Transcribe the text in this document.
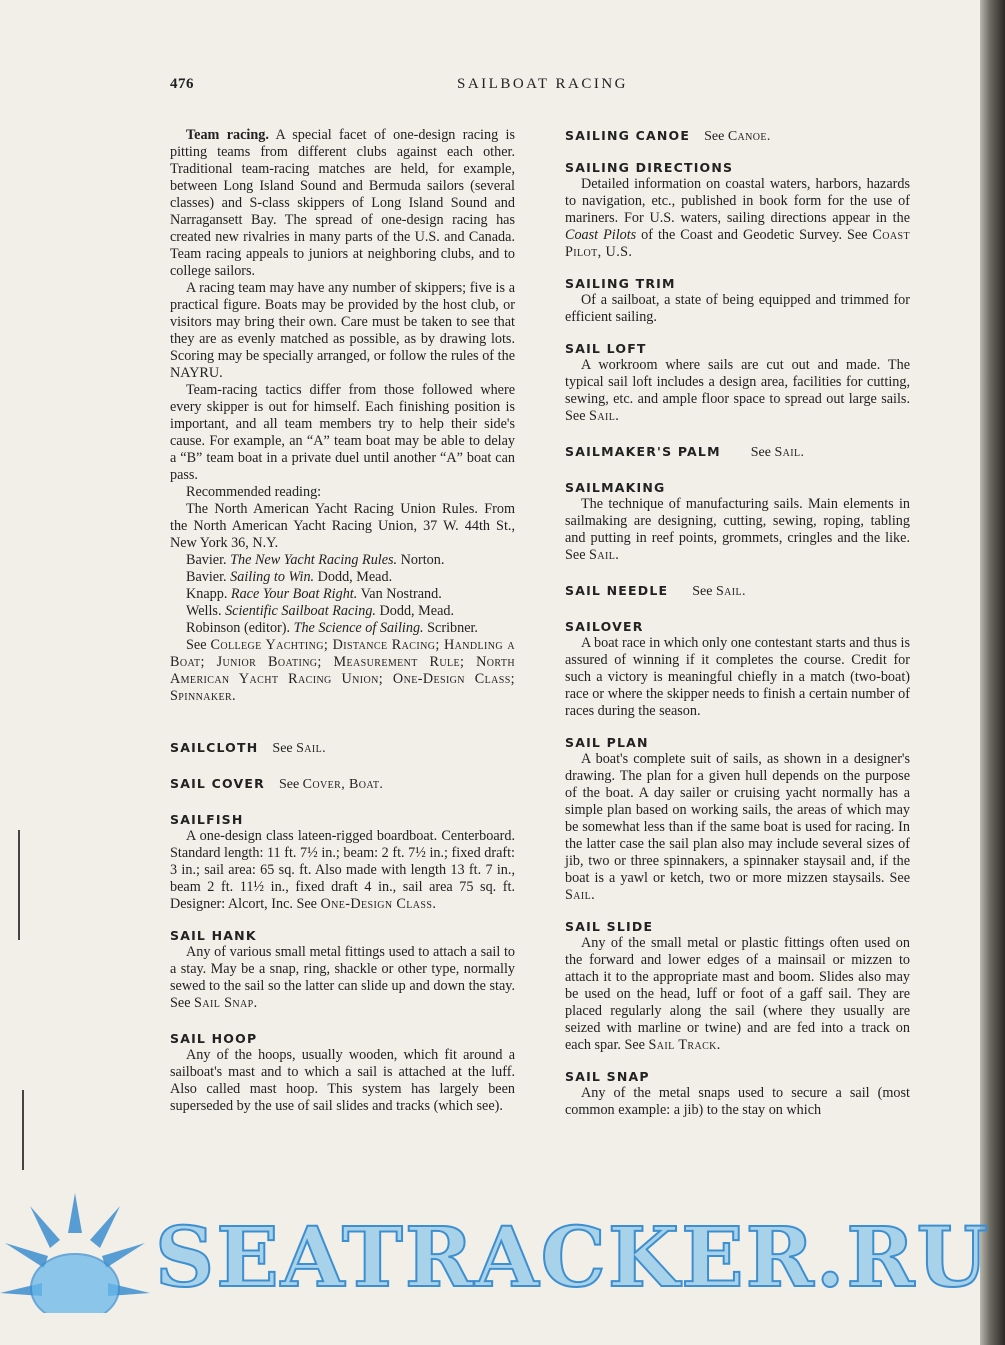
476	SAILBOAT RACING

Team racing. A special facet of one-design racing is pitting teams from different clubs against each other. Traditional team-racing matches are held, for example, between Long Island Sound and Bermuda sailors (several classes) and S-class skippers of Long Island Sound and Narragansett Bay. The spread of one-design racing has created new rivalries in many parts of the U.S. and Canada. Team racing appeals to juniors at neighboring clubs, and to college sailors.

A racing team may have any number of skippers; five is a practical figure. Boats may be provided by the host club, or visitors may bring their own. Care must be taken to see that they are as evenly matched as possible, as by drawing lots. Scoring may be specially arranged, or follow the rules of the NAYRU.

Team-racing tactics differ from those followed where every skipper is out for himself. Each finishing position is important, and all team members try to help their side's cause. For example, an “A” team boat may be able to delay a “B” team boat in a private duel until another “A” boat can pass.

Recommended reading:

The North American Yacht Racing Union Rules. From the North American Yacht Racing Union, 37 W. 44th St., New York 36, N.Y.

Bavier. The New Yacht Racing Rules. Norton.

Bavier. Sailing to Win. Dodd, Mead.

Knapp. Race Your Boat Right. Van Nostrand.

Wells. Scientific Sailboat Racing. Dodd, Mead.

Robinson (editor). The Science of Sailing. Scribner.

See College Yachting; Distance Racing; Handling a Boat; Junior Boating; Measurement Rule; North American Yacht Racing Union; One-Design Class; Spinnaker.

SAILCLOTH See Sail.

SAIL COVER See Cover, Boat.

SAILFISH

A one-design class lateen-rigged boardboat. Centerboard. Standard length: 11 ft. 7½ in.; beam: 2 ft. 7½ in.; fixed draft: 3 in.; sail area: 65 sq. ft. Also made with length 13 ft. 7 in., beam 2 ft. 11½ in., fixed draft 4 in., sail area 75 sq. ft. Designer: Alcort, Inc. See One-Design Class.

SAIL HANK

Any of various small metal fittings used to attach a sail to a stay. May be a snap, ring, shackle or other type, normally sewed to the sail so the latter can slide up and down the stay. See Sail Snap.

SAIL HOOP

Any of the hoops, usually wooden, which fit around a sailboat's mast and to which a sail is attached at the luff. Also called mast hoop. This system has largely been superseded by the use of sail slides and tracks (which see).

SAILING CANOE See Canoe.

SAILING DIRECTIONS

Detailed information on coastal waters, harbors, hazards to navigation, etc., published in book form for the use of mariners. For U.S. waters, sailing directions appear in the Coast Pilots of the Coast and Geodetic Survey. See Coast Pilot, U.S.

SAILING TRIM

Of a sailboat, a state of being equipped and trimmed for efficient sailing.

SAIL LOFT

A workroom where sails are cut out and made. The typical sail loft includes a design area, facilities for cutting, sewing, etc. and ample floor space to spread out large sails. See Sail.

SAILMAKER'S PALM See Sail.

SAILMAKING

The technique of manufacturing sails. Main elements in sailmaking are designing, cutting, sewing, roping, tabling and putting in reef points, grommets, cringles and the like. See Sail.

SAIL NEEDLE See Sail.

SAILOVER

A boat race in which only one contestant starts and thus is assured of winning if it completes the course. Credit for such a victory is meaningful chiefly in a match (two-boat) race or where the skipper needs to finish a certain number of races during the season.

SAIL PLAN

A boat's complete suit of sails, as shown in a designer's drawing. The plan for a given hull depends on the purpose of the boat. A day sailer or cruising yacht normally has a simple plan based on working sails, the areas of which may be somewhat less than if the same boat is used for racing. In the latter case the sail plan also may include several sizes of jib, two or three spinnakers, a spinnaker staysail and, if the boat is a yawl or ketch, two or more mizzen staysails. See Sail.

SAIL SLIDE

Any of the small metal or plastic fittings often used on the forward and lower edges of a mainsail or mizzen to attach it to the appropriate mast and boom. Slides also may be used on the head, luff or foot of a gaff sail. They are placed regularly along the sail (where they usually are seized with marline or twine) and are fed into a track on each spar. See Sail Track.

SAIL SNAP

Any of the metal snaps used to secure a sail (most common example: a jib) to the stay on which

SEATRACKER.RU
